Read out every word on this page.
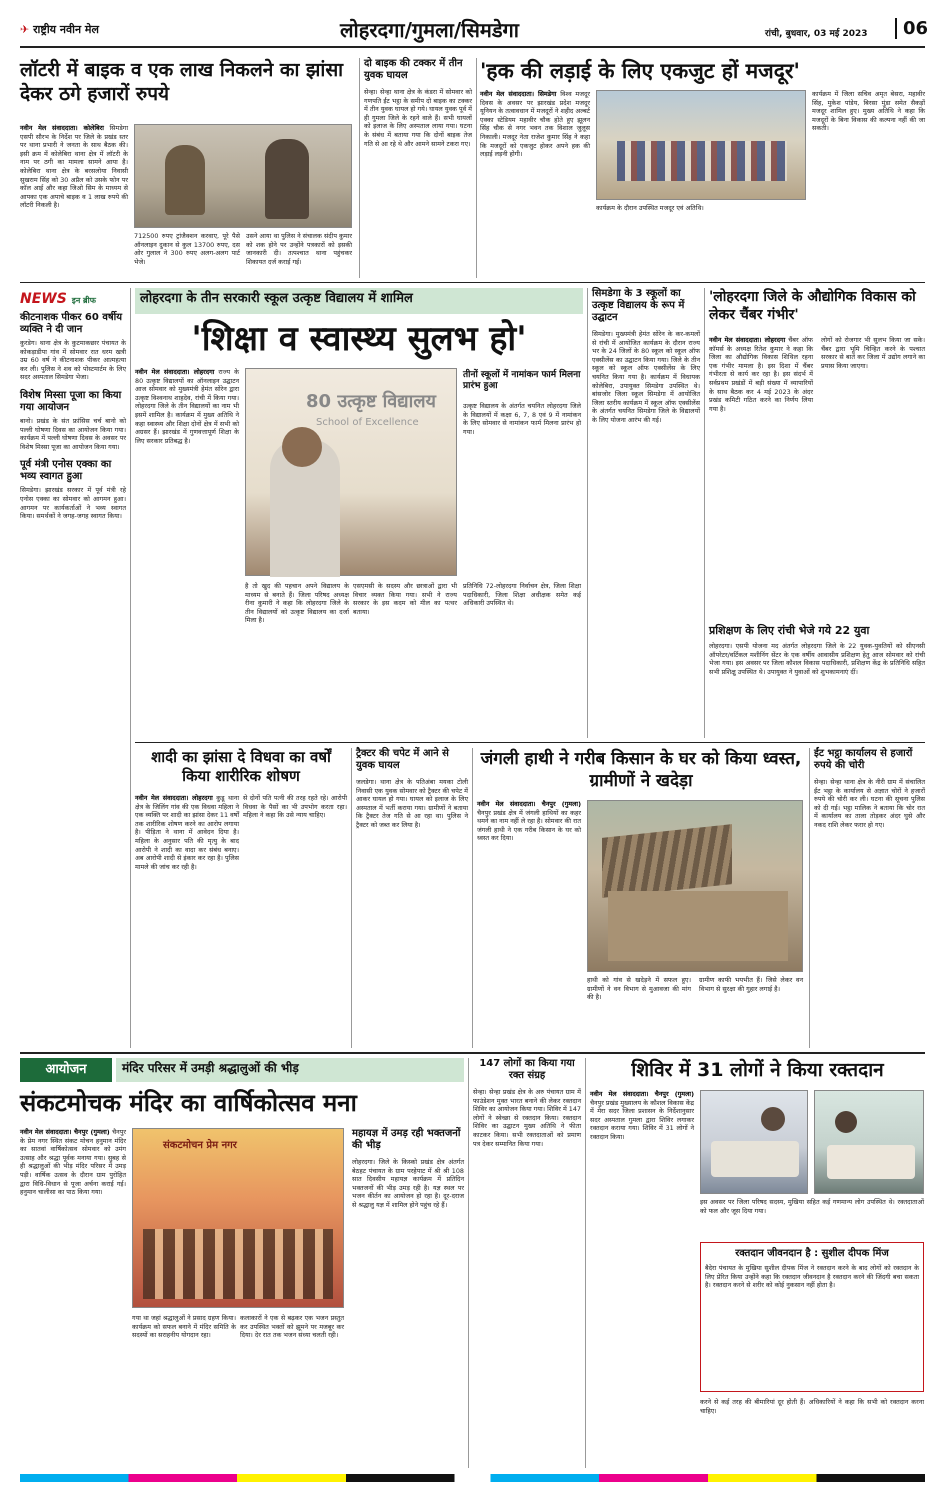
✈ राष्ट्रीय नवीन मेल	लोहरदगा/गुमला/सिमडेगा	रांची, बुधवार, 03 मई 2023	06
लॉटरी में बाइक व एक लाख निकलने का झांसा देकर ठगे हजारों रुपये
नवीन मेल संवाददाता। कोलेबिरा सिमडेगा एसपी सौरभ के निर्देश पर जिले के प्रखंड स्तर पर थाना प्रभारी ने जनता के साथ बैठक की। इसी क्रम में कोलेबिरा थाना क्षेत्र में लॉटरी के नाम पर ठगी का मामला सामने आया है। कोलेबिरा थाना क्षेत्र के बरसलोया निवासी सुखराम सिंह को 30 अप्रैल को उसके फोन पर कॉल आई और कहा जिओ सिम के माध्यम से आपका एक अपाचे बाइक व 1 लाख रुपये की लॉटरी निकली है।
712500 रुपए ट्रांजैक्शन करवाए, पूरे पैसे ऑनलाइन दुकान से कुल 13700 रुपए, दस ओर गुलाल ने 300 रुपए अलग-अलग पार्ट भेजे।
उसने आया था पुलिस ने संचालक संदीप कुमार को शक होने पर उन्होंने पत्रकारों को इसकी जानकारी दी। तत्पश्चात थाना पहुंचकर शिकायत दर्ज कराई गई।
दो बाइक की टक्कर में तीन युवक घायल
सेन्हा। सेन्हा थाना क्षेत्र के कंडरा में सोमवार को गणपति ईंट भट्ठा के समीप दो बाइक का टक्कर में तीन युवक घायल हो गये। घायल युवक पूर्व में ही गुमला जिले के रहने वाले हैं। सभी घायलों को इलाज के लिए अस्पताल लाया गया। घटना के संबंध में बताया गया कि दोनों बाइक तेज गति से आ रहे थे और आमने सामने टकरा गए।
'हक की लड़ाई के लिए एकजुट हों मजदूर'
नवीन मेल संवाददाता। सिमडेगा विश्व मजदूर दिवस के अवसर पर झारखंड प्रदेश मजदूर यूनियन के तत्वावधान में मजदूरों ने शहीद अल्बर्ट एक्का स्टेडियम महावीर चौक होते हुए झूलन सिंह चौक से नगर भवन तक विशाल जुलूस निकाली। मजदूर नेता राजेश कुमार सिंह ने कहा कि मजदूरों को एकजुट होकर अपने हक की लड़ाई लड़नी होगी।
कार्यक्रम के दौरान उपस्थित मजदूर एवं अतिथि।
कार्यक्रम में जिला सचिव अमृत बेसरा, महावीर सिंह, मुकेश पांडेय, बिरसा मुंडा समेत सैकड़ों मजदूर शामिल हुए। मुख्य अतिथि ने कहा कि मजदूरों के बिना विकास की कल्पना नहीं की जा सकती।
NEWS इन ब्रीफ
कीटनाशक पीकर 60 वर्षीय व्यक्ति ने दी जान
कुरडेग। थाना क्षेत्र के कुटमाकछार पंचायत के कोकड़ाडीपा गांव में सोमवार रात धरम खत्री उम्र 60 वर्ष ने कीटनाशक पीकर आत्महत्या कर ली। पुलिस ने शव को पोस्टमार्टम के लिए सदर अस्पताल सिमडेगा भेजा।
विशेष मिस्सा पूजा का किया गया आयोजन
बानो। प्रखंड के संत फ्रांसिस चर्च बानो को पल्ली घोषणा दिवस का आयोजन किया गया। कार्यक्रम में पल्ली घोषणा दिवस के अवसर पर विशेष मिस्सा पूजा का आयोजन किया गया।
पूर्व मंत्री एनोस एक्का का भव्य स्वागत हुआ
सिमडेगा। झारखंड सरकार में पूर्व मंत्री रहे एनोस एक्का का सोमवार को आगमन हुआ। आगमन पर कार्यकर्ताओं ने भव्य स्वागत किया। समर्थकों ने जगह-जगह स्वागत किया।
लोहरदगा के तीन सरकारी स्कूल उत्कृष्ट विद्यालय में शामिल
'शिक्षा व स्वास्थ्य सुलभ हो'
नवीन मेल संवाददाता। लोहरदगा राज्य के 80 उत्कृष्ट विद्यालयों का ऑनलाइन उद्घाटन आज सोमवार को मुख्यमंत्री हेमंत सोरेन द्वारा उत्कृष्ट विश्वनाथ शाहदेव, रांची में किया गया। लोहरदगा जिले के तीन विद्यालयों का नाम भी इसमें शामिल है। कार्यक्रम में मुख्य अतिथि ने कहा स्वास्थ्य और शिक्षा दोनों क्षेत्र में सभी को अग्रसर हैं। झारखंड में गुणवत्तापूर्ण शिक्षा के लिए सरकार प्रतिबद्ध है।
80 उत्कृष्ट विद्यालय
School of Excellence
है तो खुद की पहचान अपने विद्यालय के माध्यम से बनाते हैं। जिला परिषद अध्यक्ष रीना कुमारी ने कहा कि लोहरदगा जिले के तीन विद्यालयों को उत्कृष्ट विद्यालय का दर्जा मिला है।
एसएमसी के सदस्य और छात्राओं द्वारा भी विचार व्यक्त किया गया। सभी ने राज्य सरकार के इस कदम को मील का पत्थर बताया।
तीनों स्कूलों में नामांकन फार्म मिलना प्रारंभ हुआ
उत्कृष्ट विद्यालय के अंतर्गत चयनित लोहरदगा जिले के विद्यालयों में कक्षा 6, 7, 8 एवं 9 में नामांकन के लिए सोमवार से नामांकन फार्म मिलना प्रारंभ हो गया।
प्रतिनिधि 72-लोहरदगा निर्वाचन क्षेत्र, जिला शिक्षा पदाधिकारी, जिला शिक्षा अधीक्षक समेत कई अधिकारी उपस्थित थे।
सिमडेगा के 3 स्कूलों का उत्कृष्ट विद्यालय के रूप में उद्घाटन
सिमडेगा। मुख्यमंत्री हेमंत सोरेन के कर-कमलों से रांची में आयोजित कार्यक्रम के दौरान राज्य भर के 24 जिलों के 80 स्कूल को स्कूल ऑफ एक्सीलेंस का उद्घाटन किया गया। जिले के तीन स्कूल को स्कूल ऑफ एक्सीलेंस के लिए चयनित किया गया है। कार्यक्रम में विधायक कोलेबिरा, उपायुक्त सिमडेगा उपस्थित थे। बांसजोर जिला स्कूल सिमडेगा में आयोजित जिला स्तरीय कार्यक्रम में स्कूल ऑफ एक्सीलेंस के अंतर्गत चयनित सिमडेगा जिले के विद्यालयों के लिए योजना आरंभ की गई।
'लोहरदगा जिले के औद्योगिक विकास को लेकर चैंबर गंभीर'
नवीन मेल संवाददाता। लोहरदगा चैंबर ऑफ कॉमर्स के अध्यक्ष रितेश कुमार ने कहा कि जिला का औद्योगिक विकास शिथिल रहना एक गंभीर मामला है। इस दिशा में चैंबर गंभीरता से कार्य कर रहा है। इस संदर्भ में सर्वप्रथम प्रखंडों में बड़ी संख्या में व्यापारियों के साथ बैठक कर 4 मई 2023 के अंदर प्रखंड कमिटी गठित करने का निर्णय लिया गया है।
लोगों को रोजगार भी सुलभ किया जा सके। चैंबर द्वारा भूमि चिन्हित करने के पश्चात सरकार से बातें कर जिला में उद्योग लगाने का प्रयास किया जाएगा।
प्रशिक्षण के लिए रांची भेजे गये 22 युवा
लोहरदगा। एसपी योजना मद अंतर्गत लोहरदगा जिले के 22 युवक-युवतियों को सीएनसी ऑपरेटर/वर्टिकल मशीनिंग सेंटर के एक वर्षीय आवासीय प्रशिक्षण हेतु आज सोमवार को रांची भेजा गया। इस अवसर पर जिला कौशल विकास पदाधिकारी, प्रशिक्षण केंद्र के प्रतिनिधि सहित सभी प्रशिक्षु उपस्थित थे। उपायुक्त ने युवाओं को शुभकामनाएं दीं।
शादी का झांसा दे विधवा का वर्षों किया शारीरिक शोषण
नवीन मेल संवाददाता। लोहरदगा कुडू थाना क्षेत्र के जिलिंग गांव की एक विधवा महिला ने एक व्यक्ति पर शादी का झांसा देकर 11 वर्षों तक शारीरिक शोषण करने का आरोप लगाया है। पीड़िता ने थाना में आवेदन दिया है। महिला के अनुसार पति की मृत्यु के बाद आरोपी ने शादी का वादा कर संबंध बनाए। अब आरोपी शादी से इंकार कर रहा है। पुलिस मामले की जांच कर रही है।
से दोनों पति पत्नी की तरह रहते रहे। आरोपी विधवा के पैसों का भी उपभोग करता रहा। महिला ने कहा कि उसे न्याय चाहिए।
ट्रैक्टर की चपेट में आने से युवक घायल
जलडेगा। थाना क्षेत्र के पतिअंबा मयका टोली निवासी एक युवक सोमवार को ट्रैक्टर की चपेट में आकर घायल हो गया। घायल को इलाज के लिए अस्पताल में भर्ती कराया गया। ग्रामीणों ने बताया कि ट्रैक्टर तेज गति से आ रहा था। पुलिस ने ट्रैक्टर को जब्त कर लिया है।
जंगली हाथी ने गरीब किसान के घर को किया ध्वस्त, ग्रामीणों ने खदेड़ा
नवीन मेल संवाददाता। चैनपुर (गुमला) चैनपुर प्रखंड क्षेत्र में जंगली हाथियों का कहर थमने का नाम नहीं ले रहा है। सोमवार की रात जंगली हाथी ने एक गरीब किसान के घर को ध्वस्त कर दिया।
हाथी को गांव से खदेड़ने में सफल हुए। ग्रामीणों ने वन विभाग से मुआवजा की मांग की है।
ग्रामीण काफी भयभीत हैं। जिसे लेकर वन विभाग से सुरक्षा की गुहार लगाई है।
ईंट भट्ठा कार्यालय से हजारों रुपये की चोरी
सेन्हा। सेन्हा थाना क्षेत्र के नीरी ग्राम में संचालित ईंट भट्ठा के कार्यालय से अज्ञात चोरों ने हजारों रुपये की चोरी कर ली। घटना की सूचना पुलिस को दी गई। भट्ठा मालिक ने बताया कि चोर रात में कार्यालय का ताला तोड़कर अंदर घुसे और नकद राशि लेकर फरार हो गए।
आयोजन	मंदिर परिसर में उमड़ी श्रद्धालुओं की भीड़
संकटमोचक मंदिर का वार्षिकोत्सव मना
नवीन मेल संवाददाता। चैनपुर (गुमला) चैनपुर के प्रेम नगर स्थित संकट मोचन हनुमान मंदिर का सातवां वार्षिकोत्सव सोमवार को उमंग उत्साह और श्रद्धा पूर्वक मनाया गया। सुबह से ही श्रद्धालुओं की भीड़ मंदिर परिसर में उमड़ पड़ी। वार्षिक उत्सव के दौरान ग्राम पुरोहित द्वारा विधि-विधान से पूजा अर्चना कराई गई। हनुमान चालीसा का पाठ किया गया।
संकटमोचन प्रेम नगर
गया था जहां श्रद्धालुओं ने प्रसाद ग्रहण किया। कार्यक्रम को सफल बनाने में मंदिर समिति के सदस्यों का सराहनीय योगदान रहा।
कलाकारों ने एक से बढ़कर एक भजन प्रस्तुत कर उपस्थित भक्तों को झूमने पर मजबूर कर दिया। देर रात तक भजन संध्या चलती रही।
महायज्ञ में उमड़ रही भक्तजनों की भीड़
लोहरदगा। जिले के किस्को प्रखंड क्षेत्र अंतर्गत बेठहट पंचायत के ग्राम परहेपाट में श्री श्री 108 सात दिवसीय महायज्ञ कार्यक्रम में प्रतिदिन भक्तजनों की भीड़ उमड़ रही है। यज्ञ स्थल पर भजन कीर्तन का आयोजन हो रहा है। दूर-दराज से श्रद्धालु यज्ञ में शामिल होने पहुंच रहे हैं।
147 लोगों का किया गया रक्त संग्रह
सेन्हा। सेन्हा प्रखंड क्षेत्र के अरु पंचायत ग्राम में फाउंडेशन मुक्त भारत बनाने की लेकर रक्तदान शिविर का आयोजन किया गया। शिविर में 147 लोगों ने स्वेच्छा से रक्तदान किया। रक्तदान शिविर का उद्घाटन मुख्य अतिथि ने फीता काटकर किया। सभी रक्तदाताओं को प्रमाण पत्र देकर सम्मानित किया गया।
शिविर में 31 लोगों ने किया रक्तदान
नवीन मेल संवाददाता। चैनपुर (गुमला) चैनपुर प्रखंड मुख्यालय के कौशल विकास केंद्र में मेरा सदर जिला प्रशासन के निर्देशानुसार सदर अस्पताल गुमला द्वारा शिविर लगाकर रक्तदान कराया गया। शिविर में 31 लोगों ने रक्तदान किया।
इस अवसर पर जिला परिषद सदस्य, मुखिया सहित कई गणमान्य लोग उपस्थित थे। रक्तदाताओं को फल और जूस दिया गया।
रक्तदान जीवनदान है : सुशील दीपक मिंज
बैदेरा पंचायत के मुखिया सुशील दीपक मिंज ने रक्तदान करने के बाद लोगों को रक्तदान के लिए प्रेरित किया उन्होंने कहा कि रक्तदान जीवनदान है रक्तदान करने की जिंदगी बचा सकता है। रक्तदान करने से शरीर को कोई नुकसान नहीं होता है।
करने से कई तरह की बीमारियां दूर होती हैं। अधिकारियों ने कहा कि सभी को रक्तदान करना चाहिए।
